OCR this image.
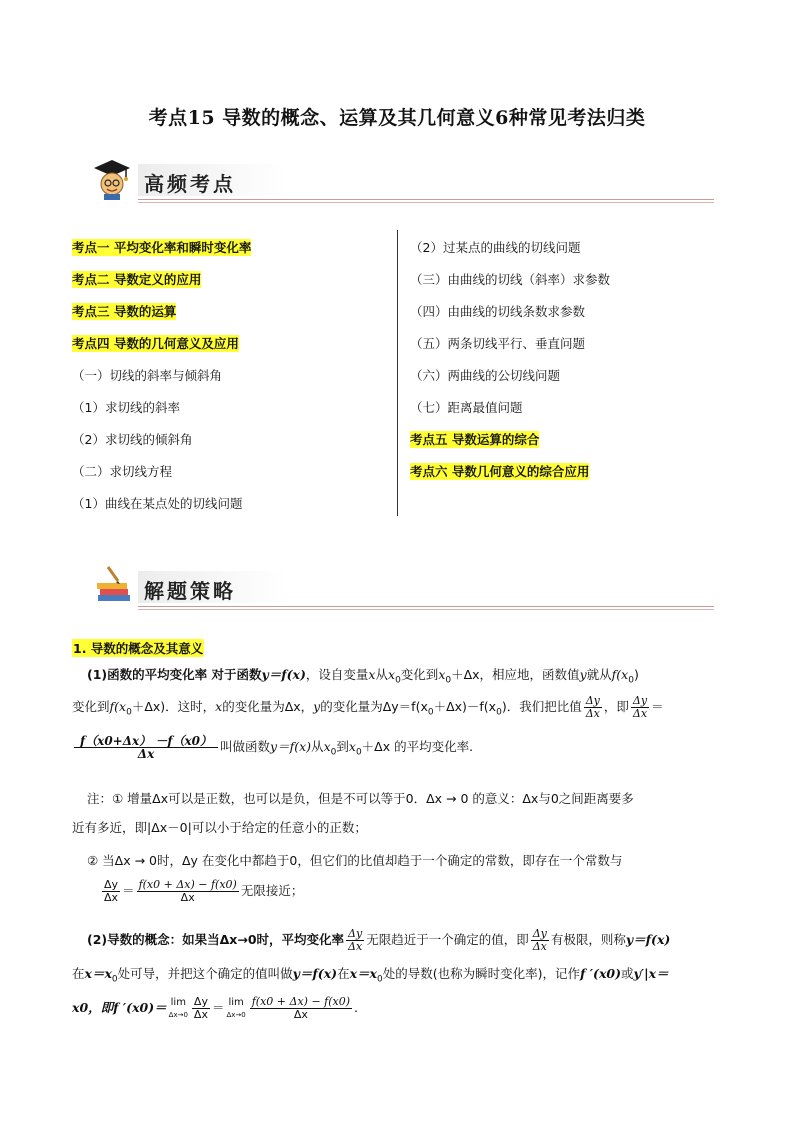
考点15 导数的概念、运算及其几何意义6种常见考法归类
高频考点
考点一 平均变化率和瞬时变化率
考点二 导数定义的应用
考点三 导数的运算
考点四 导数的几何意义及应用
（一）切线的斜率与倾斜角
（1）求切线的斜率
（2）求切线的倾斜角
（二）求切线方程
（1）曲线在某点处的切线问题
（2）过某点的曲线的切线问题
（三）由曲线的切线（斜率）求参数
（四）由曲线的切线条数求参数
（五）两条切线平行、垂直问题
（六）两曲线的公切线问题
（七）距离最值问题
考点五 导数运算的综合
考点六 导数几何意义的综合应用
解题策略
1. 导数的概念及其意义
(1)函数的平均变化率 对于函数y＝f(x)，设自变量x从$x_0$变化到$x_0+\Delta x$，相应地，函数值y就从$f(x_0)$
变化到$f(x_0+\Delta x)$．这时，x的变化量为Δx，y的变化量为$\Delta y=f(x_0+\Delta x)-f(x_0)$．我们把比值 $\frac{\Delta y}{\Delta x}$ ，即 $\frac{\Delta y}{\Delta x}$ ＝
$\frac{f(x0+\Delta x) -f(x0)}{\Delta x}$ 叫做函数y＝f(x)从$x_0$到$x_0+\Delta x$ 的平均变化率.
注：① 增量Δx可以是正数，也可以是负，但是不可以等于0．Δx → 0 的意义：Δx与0之间距离要多
近有多近，即|Δx－0|可以小于给定的任意小的正数；
② 当Δx → 0时，Δy 在变化中都趋于0，但它们的比值却趋于一个确定的常数，即存在一个常数与
$\frac{\Delta y}{\Delta x} = \frac{f(x0 + \Delta x) - f(x0)}{\Delta x}$ 无限接近；
(2)导数的概念：如果当Δx→0时，平均变化率 $\frac{\Delta y}{\Delta x}$ 无限趋近于一个确定的值，即 $\frac{\Delta y}{\Delta x}$ 有极限，则称y＝f(x)
在$x=x_0$处可导，并把这个确定的值叫做y＝f(x)在$x=x_0$处的导数(也称为瞬时变化率)，记作f ′(x0)或y′|x＝
x0，即f ′(x0)＝ lim
$\Delta x\to 0 \frac{\Delta y}{\Delta x} = \lim$
$\Delta x\to 0 \frac{f(x0 + \Delta x) - f(x0)}{\Delta x}$ .
